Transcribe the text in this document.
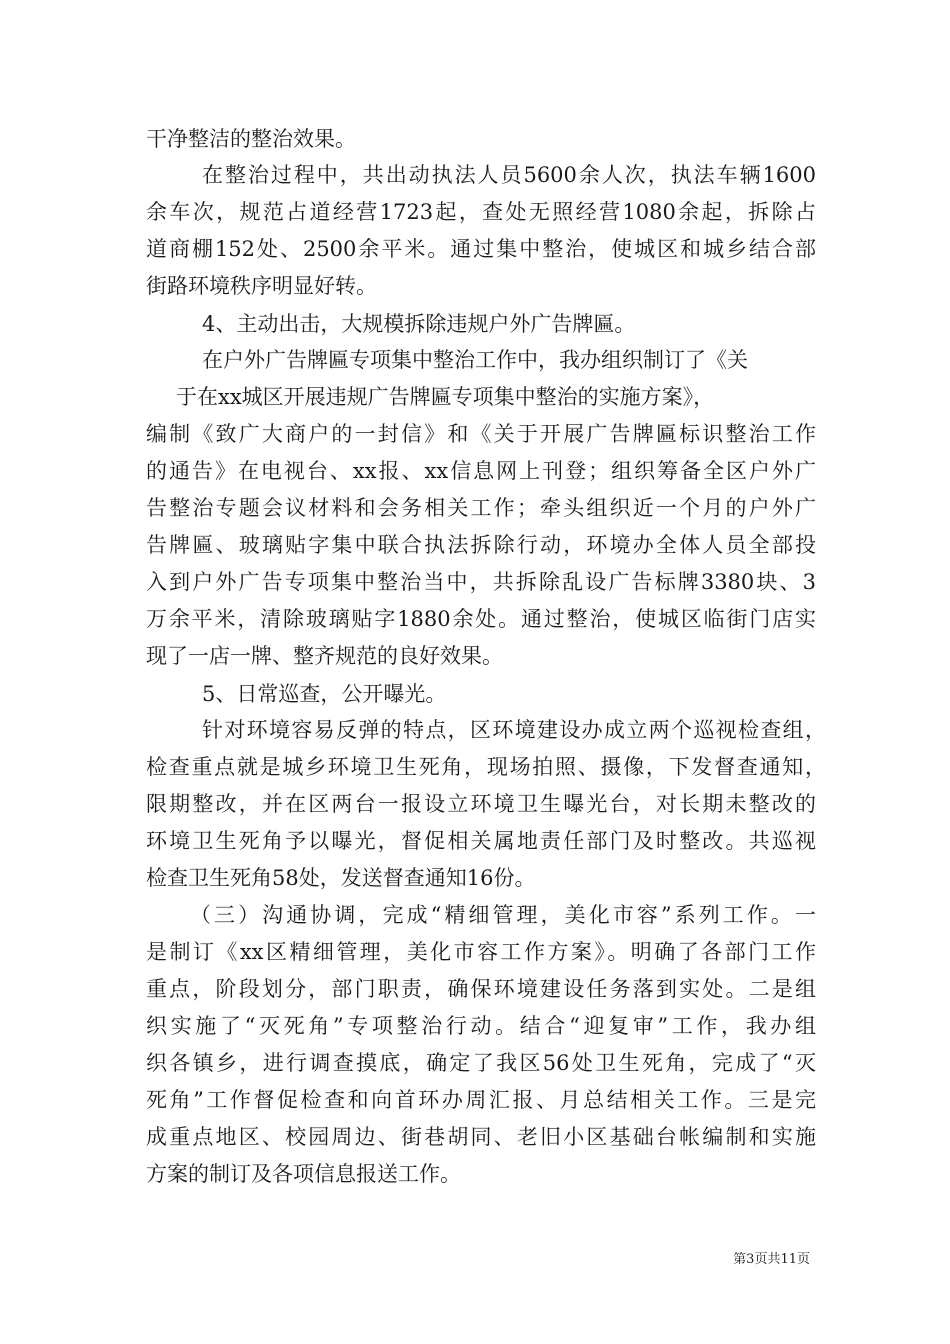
干净整洁的整治效果。
在整治过程中，共出动执法人员5600余人次，执法车辆1600
余车次，规范占道经营1723起，查处无照经营1080余起，拆除占
道商棚152处、2500余平米。通过集中整治，使城区和城乡结合部
街路环境秩序明显好转。
4、主动出击，大规模拆除违规户外广告牌匾。
在户外广告牌匾专项集中整治工作中，我办组织制订了《关
于在xx城区开展违规广告牌匾专项集中整治的实施方案》，
编制《致广大商户的一封信》和《关于开展广告牌匾标识整治工作
的通告》在电视台、xx报、xx信息网上刊登；组织筹备全区户外广
告整治专题会议材料和会务相关工作；牵头组织近一个月的户外广
告牌匾、玻璃贴字集中联合执法拆除行动，环境办全体人员全部投
入到户外广告专项集中整治当中，共拆除乱设广告标牌3380块、3
万余平米，清除玻璃贴字1880余处。通过整治，使城区临街门店实
现了一店一牌、整齐规范的良好效果。
5、日常巡查，公开曝光。
针对环境容易反弹的特点，区环境建设办成立两个巡视检查组，
检查重点就是城乡环境卫生死角，现场拍照、摄像，下发督查通知，
限期整改，并在区两台一报设立环境卫生曝光台，对长期未整改的
环境卫生死角予以曝光，督促相关属地责任部门及时整改。共巡视
检查卫生死角58处，发送督查通知16份。
（三）沟通协调，完成“精细管理，美化市容”系列工作。一
是制订《xx区精细管理，美化市容工作方案》。明确了各部门工作
重点，阶段划分，部门职责，确保环境建设任务落到实处。二是组
织实施了“灭死角”专项整治行动。结合“迎复审”工作，我办组
织各镇乡，进行调查摸底，确定了我区56处卫生死角，完成了“灭
死角”工作督促检查和向首环办周汇报、月总结相关工作。三是完
成重点地区、校园周边、街巷胡同、老旧小区基础台帐编制和实施
方案的制订及各项信息报送工作。
第3页共11页
